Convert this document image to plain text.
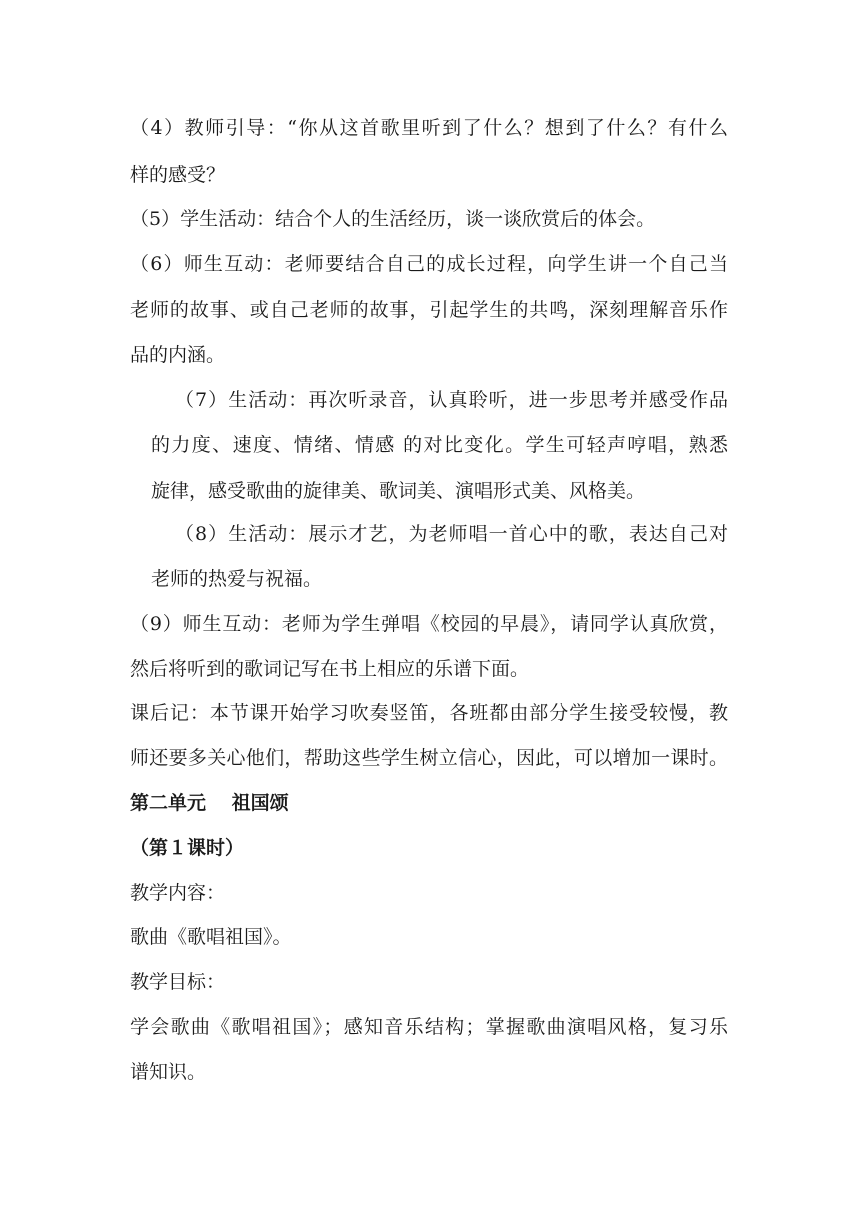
（4）教师引导：“你从这首歌里听到了什么？想到了什么？有什么
样的感受？
（5）学生活动：结合个人的生活经历，谈一谈欣赏后的体会。
（6）师生互动：老师要结合自己的成长过程，向学生讲一个自己当
老师的故事、或自己老师的故事，引起学生的共鸣，深刻理解音乐作
品的内涵。
（7）生活动：再次听录音，认真聆听，进一步思考并感受作品
的力度、速度、情绪、情感 的对比变化。学生可轻声哼唱，熟悉
旋律，感受歌曲的旋律美、歌词美、演唱形式美、风格美。
（8）生活动：展示才艺，为老师唱一首心中的歌，表达自己对
老师的热爱与祝福。
（9）师生互动：老师为学生弹唱《校园的早晨》，请同学认真欣赏，
然后将听到的歌词记写在书上相应的乐谱下面。
课后记：本节课开始学习吹奏竖笛，各班都由部分学生接受较慢，教
师还要多关心他们，帮助这些学生树立信心，因此，可以增加一课时。
第二单元　 祖国颂
（第１课时）
教学内容：
歌曲《歌唱祖国》。
教学目标：
学会歌曲《歌唱祖国》；感知音乐结构；掌握歌曲演唱风格，复习乐
谱知识。
